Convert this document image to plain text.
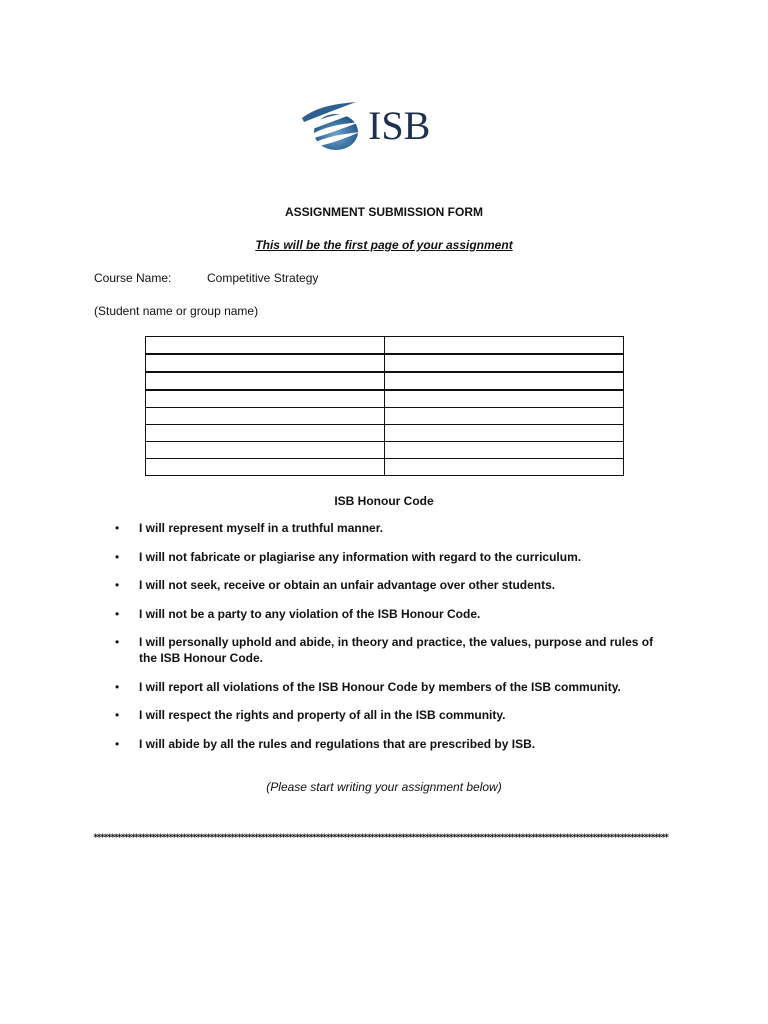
ISB
ASSIGNMENT SUBMISSION FORM
This will be the first page of your assignment
Course Name:	Competitive Strategy
(Student name or group name)

ISB Honour Code
• I will represent myself in a truthful manner.
• I will not fabricate or plagiarise any information with regard to the curriculum.
• I will not seek, receive or obtain an unfair advantage over other students.
• I will not be a party to any violation of the ISB Honour Code.
• I will personally uphold and abide, in theory and practice, the values, purpose and rules of the ISB Honour Code.
• I will report all violations of the ISB Honour Code by members of the ISB community.
• I will respect the rights and property of all in the ISB community.
• I will abide by all the rules and regulations that are prescribed by ISB.
(Please start writing your assignment below)
************************************************************************************************************************************************************************
